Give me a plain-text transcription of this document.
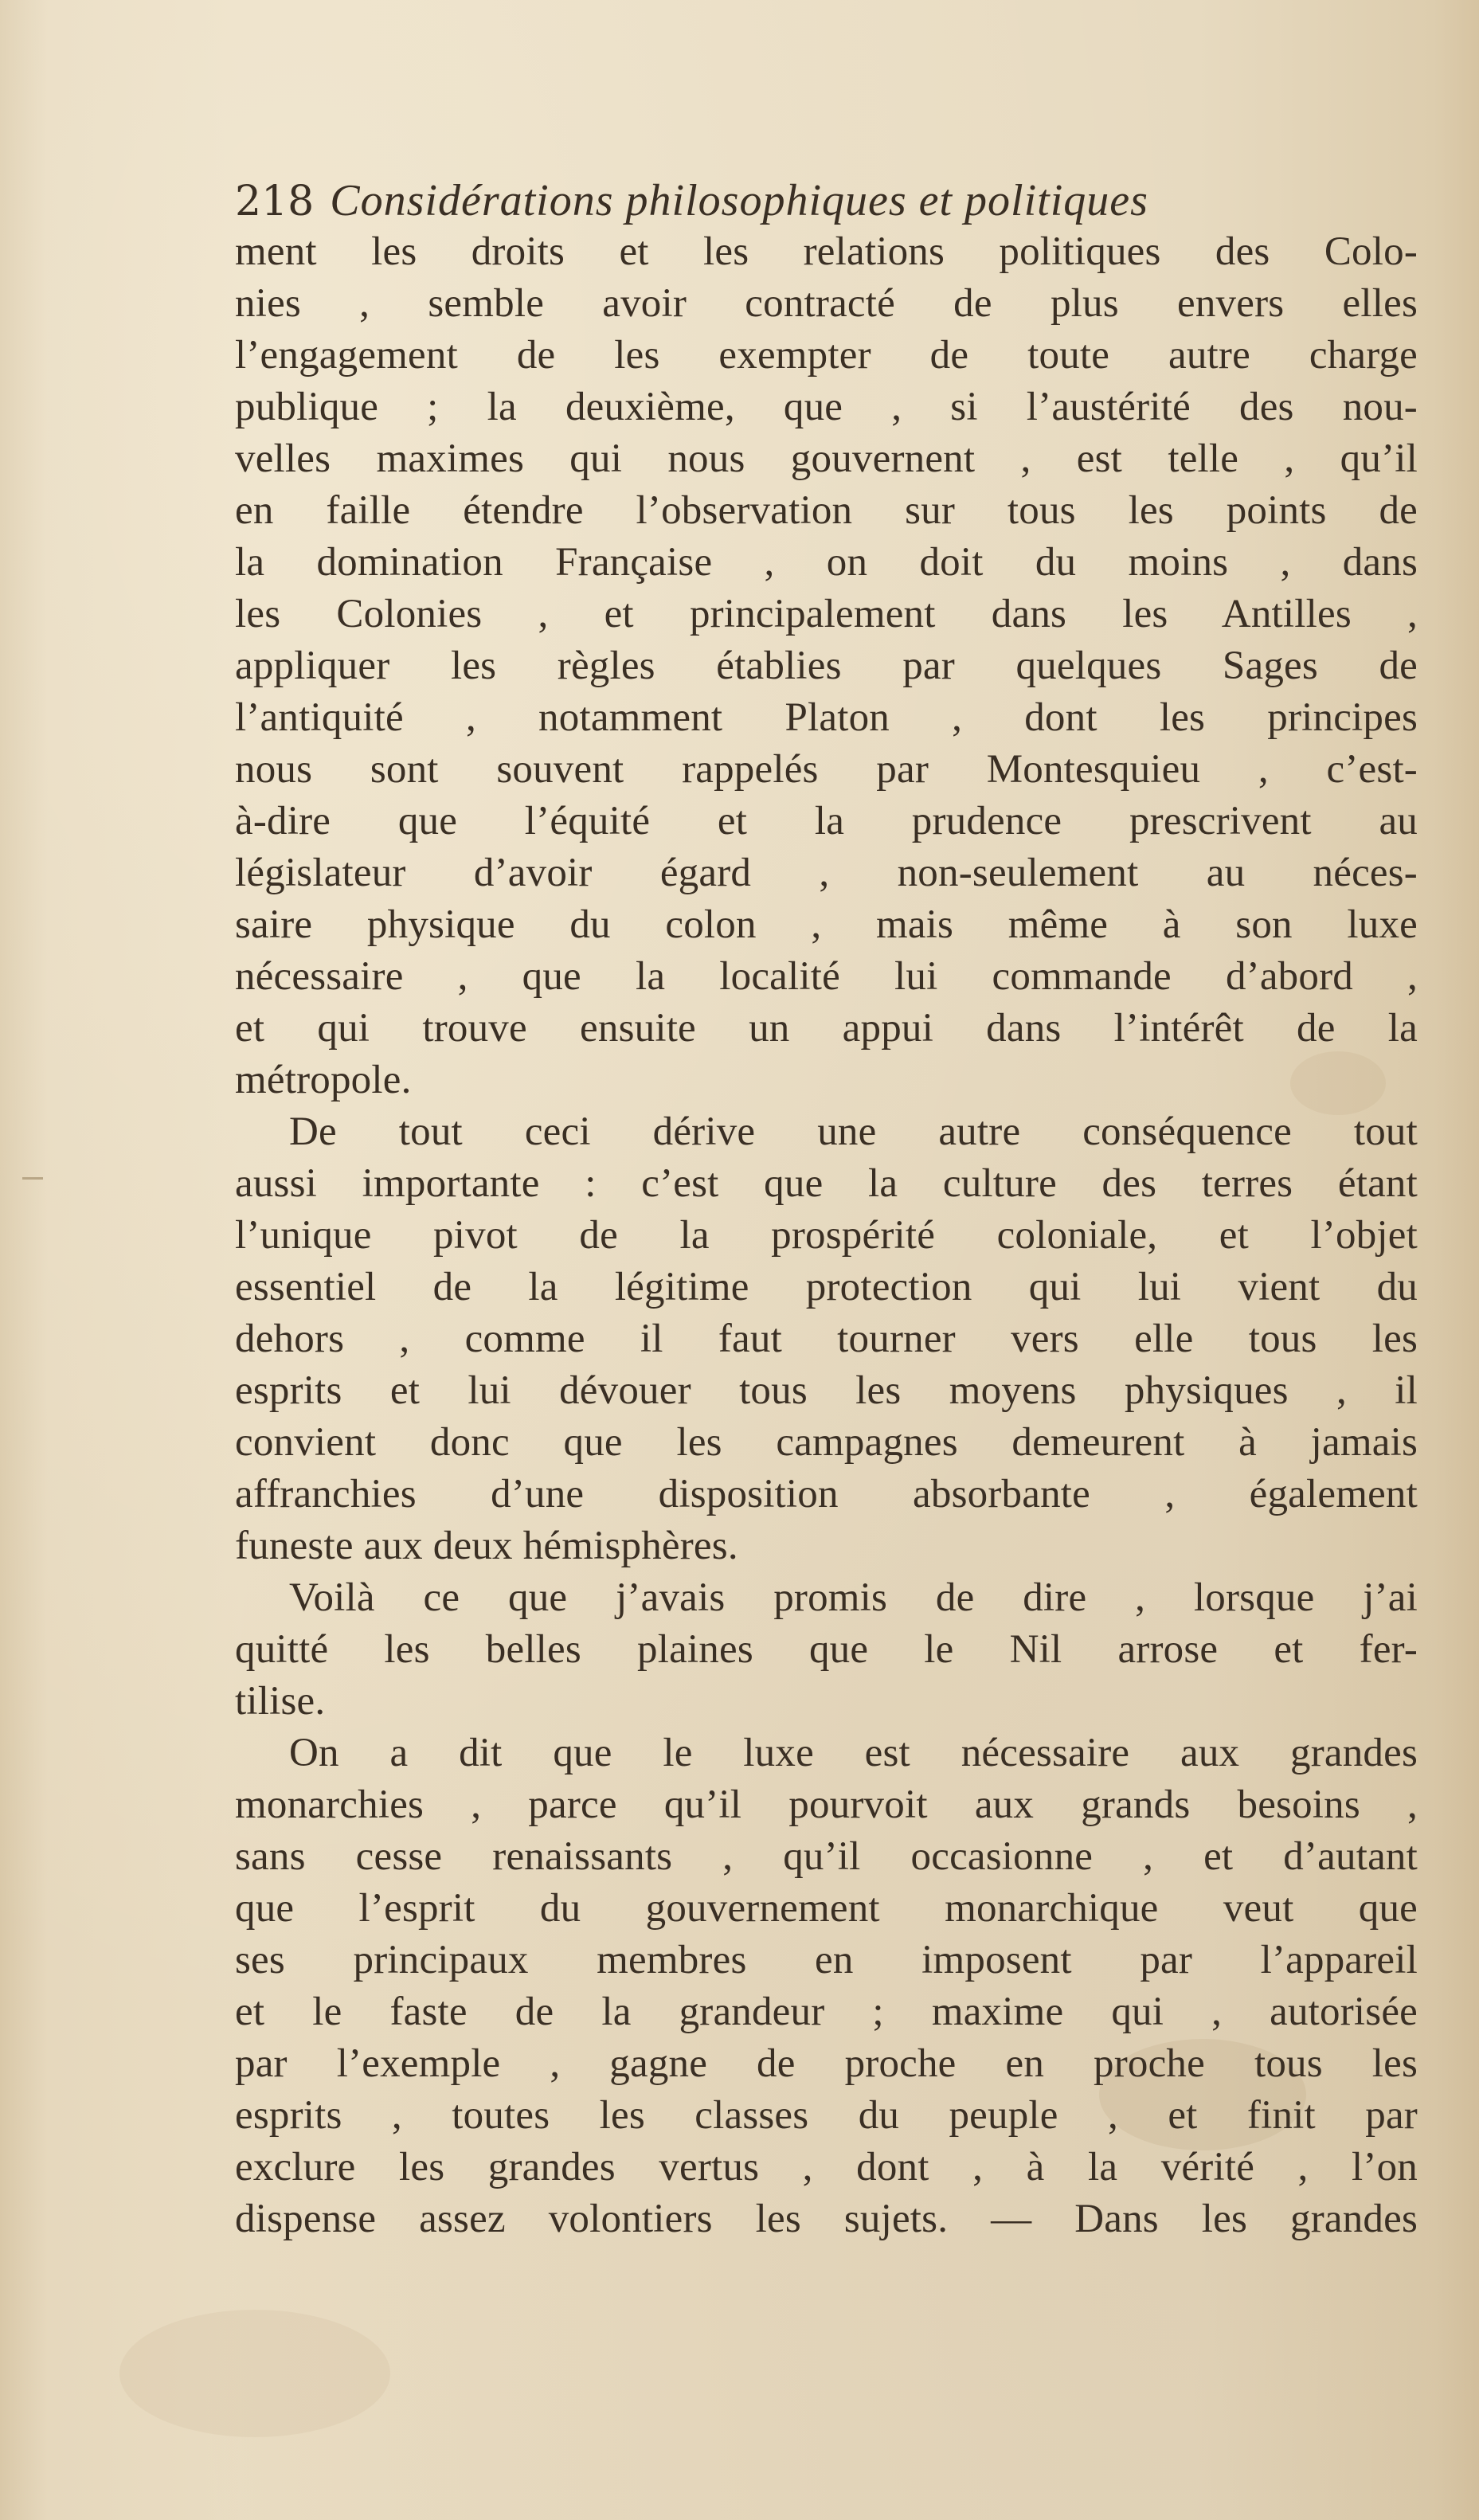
218 Considérations philosophiques et politiques
ment les droits et les relations politiques des Colo-
nies , semble avoir contracté de plus envers elles
l’engagement de les exempter de toute autre charge
publique ; la deuxième, que , si l’austérité des nou-
velles maximes qui nous gouvernent , est telle , qu’il
en faille étendre l’observation sur tous les points de
la domination Française , on doit du moins , dans
les Colonies , et principalement dans les Antilles ,
appliquer les règles établies par quelques Sages de
l’antiquité , notamment Platon , dont les principes
nous sont souvent rappelés par Montesquieu , c’est-
à-dire que l’équité et la prudence prescrivent au
législateur d’avoir égard , non-seulement au néces-
saire physique du colon , mais même à son luxe
nécessaire , que la localité lui commande d’abord ,
et qui trouve ensuite un appui dans l’intérêt de la
métropole.
De tout ceci dérive une autre conséquence tout
aussi importante : c’est que la culture des terres étant
l’unique pivot de la prospérité coloniale, et l’objet
essentiel de la légitime protection qui lui vient du
dehors , comme il faut tourner vers elle tous les
esprits et lui dévouer tous les moyens physiques , il
convient donc que les campagnes demeurent à jamais
affranchies d’une disposition absorbante , également
funeste aux deux hémisphères.
Voilà ce que j’avais promis de dire , lorsque j’ai
quitté les belles plaines que le Nil arrose et fer-
tilise.
On a dit que le luxe est nécessaire aux grandes
monarchies , parce qu’il pourvoit aux grands besoins ,
sans cesse renaissants , qu’il occasionne , et d’autant
que l’esprit du gouvernement monarchique veut que
ses principaux membres en imposent par l’appareil
et le faste de la grandeur ; maxime qui , autorisée
par l’exemple , gagne de proche en proche tous les
esprits , toutes les classes du peuple , et finit par
exclure les grandes vertus , dont , à la vérité , l’on
dispense assez volontiers les sujets. — Dans les grandes
